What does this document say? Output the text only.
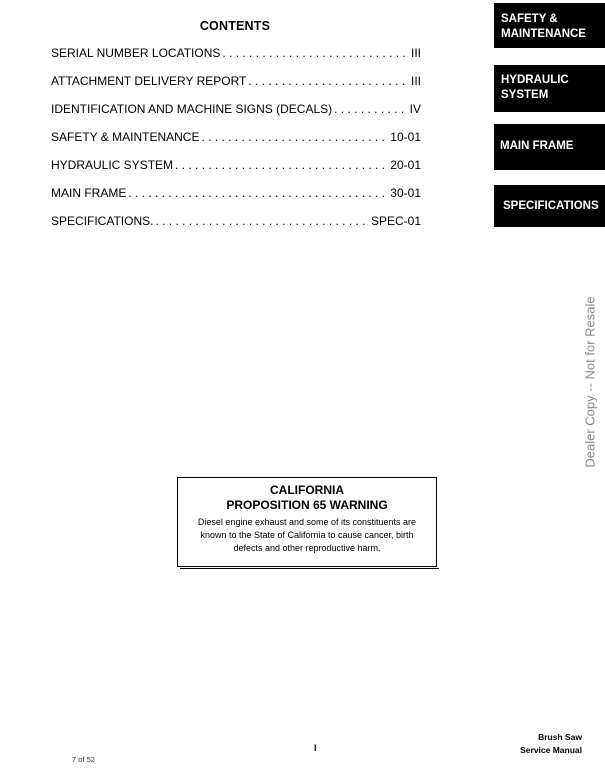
CONTENTS
SERIAL NUMBER LOCATIONS . . .	III
ATTACHMENT DELIVERY REPORT . . .	III
IDENTIFICATION AND MACHINE SIGNS (DECALS) . . .	IV
SAFETY & MAINTENANCE . . .	10-01
HYDRAULIC SYSTEM . . .	20-01
MAIN FRAME . . .	30-01
SPECIFICATIONS. . . .	SPEC-01
SAFETY &
MAINTENANCE
HYDRAULIC
SYSTEM
MAIN FRAME
SPECIFICATIONS
Dealer Copy -- Not for Resale
CALIFORNIA
PROPOSITION 65 WARNING
Diesel engine exhaust and some of its constituents are known to the State of California to cause cancer, birth defects and other reproductive harm.
I
Brush Saw
Service Manual
7 of 52
